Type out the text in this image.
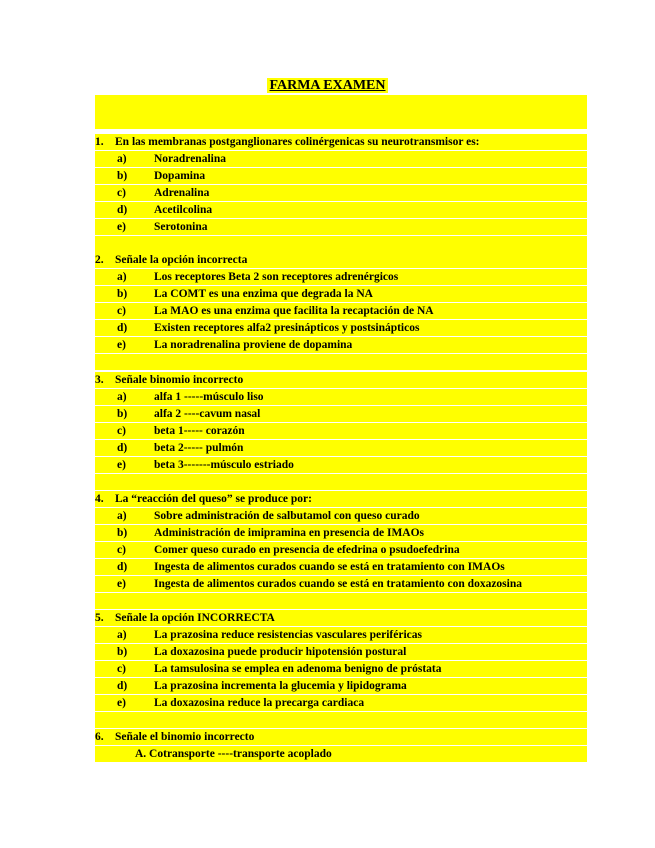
FARMA EXAMEN
1. En las membranas postganglionares colinérgenicas su neurotransmisor es:
a) Noradrenalina
b) Dopamina
c) Adrenalina
d) Acetilcolina
e) Serotonina
2. Señale la opción incorrecta
a) Los receptores Beta 2 son receptores adrenérgicos
b) La COMT es una enzima que degrada la NA
c) La MAO es una enzima que facilita la recaptación de NA
d) Existen receptores alfa2 presinápticos y postsinápticos
e) La noradrenalina proviene de dopamina
3. Señale binomio incorrecto
a) alfa 1 -----músculo liso
b) alfa 2 ----cavum nasal
c) beta 1----- corazón
d) beta 2----- pulmón
e) beta 3-------músculo estriado
4. La “reacción del queso” se produce por:
a) Sobre administración de salbutamol con queso curado
b) Administración de imipramina en presencia de IMAOs
c) Comer queso curado en presencia de efedrina o psudoefedrina
d) Ingesta de alimentos curados cuando se está en tratamiento con IMAOs
e) Ingesta de alimentos curados cuando se está en tratamiento con doxazosina
5. Señale la opción INCORRECTA
a) La prazosina reduce resistencias vasculares periféricas
b) La doxazosina puede producir hipotensión postural
c) La tamsulosina se emplea en adenoma benigno de próstata
d) La prazosina incrementa la glucemia y lipidograma
e) La doxazosina reduce la precarga cardiaca
6. Señale el binomio incorrecto
A. Cotransporte ----transporte acoplado
